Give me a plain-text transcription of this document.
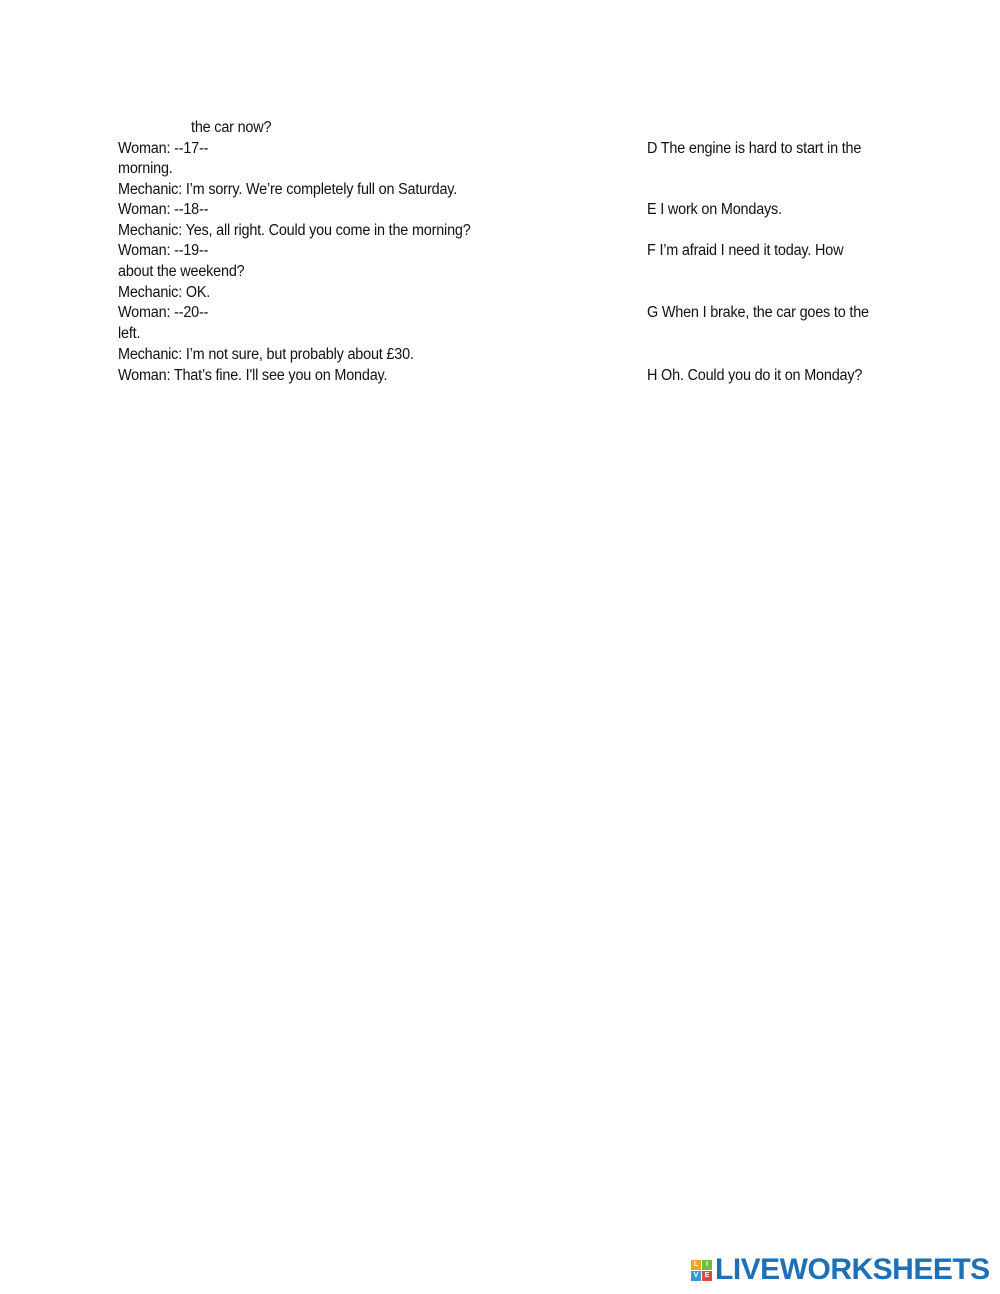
the car now?
Woman: --17--
morning.
Mechanic: I’m sorry. We’re completely full on Saturday.
Woman: --18--
Mechanic: Yes, all right. Could you come in the morning?
Woman: --19--
about the weekend?
Mechanic: OK.
Woman: --20--
left.
Mechanic: I’m not sure, but probably about £30.
Woman: That’s fine. I'll see you on Monday.
D The engine is hard to start in the
E I work on Mondays.
F I’m afraid I need it today. How
G When I brake, the car goes to the
H Oh. Could you do it on Monday?
L	I
V E LIVEWORKSHEETS
